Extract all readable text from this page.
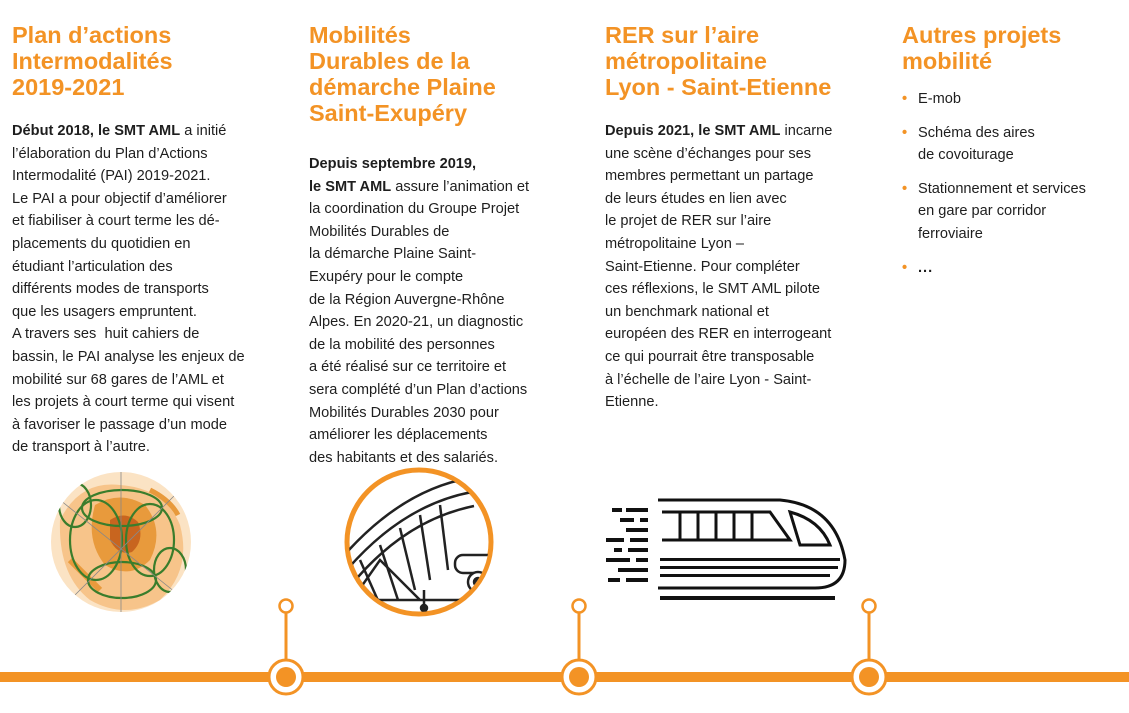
Plan d’actions
Intermodalités
2019-2021

Début 2018, le SMT AML a initié
l’élaboration du Plan d’Actions
Intermodalité (PAI) 2019-2021.
Le PAI a pour objectif d’améliorer
et fiabiliser à court terme les dé-
placements du quotidien en
étudiant l’articulation des
différents modes de transports
que les usagers empruntent.
A travers ses  huit cahiers de
bassin, le PAI analyse les enjeux de
mobilité sur 68 gares de l’AML et
les projets à court terme qui visent
à favoriser le passage d’un mode
de transport à l’autre.
Mobilités
Durables de la
démarche Plaine
Saint-Exupéry

Depuis septembre 2019,
le SMT AML assure l’animation et
la coordination du Groupe Projet
Mobilités Durables de
la démarche Plaine Saint-
Exupéry pour le compte
de la Région Auvergne-Rhône
Alpes. En 2020-21, un diagnostic
de la mobilité des personnes
a été réalisé sur ce territoire et
sera complété d’un Plan d’actions
Mobilités Durables 2030 pour
améliorer les déplacements
des habitants et des salariés.
RER sur l’aire
métropolitaine
Lyon - Saint-Etienne

Depuis 2021, le SMT AML incarne
une scène d’échanges pour ses
membres permettant un partage
de leurs études en lien avec
le projet de RER sur l’aire
métropolitaine Lyon –
Saint-Etienne. Pour compléter
ces réflexions, le SMT AML pilote
un benchmark national et
européen des RER en interrogeant
ce qui pourrait être transposable
à l’échelle de l’aire Lyon - Saint-
Etienne.
Autres projets
mobilité

• E-mob
• Schéma des aires
de covoiturage
• Stationnement et services
en gare par corridor
ferroviaire
• ...
